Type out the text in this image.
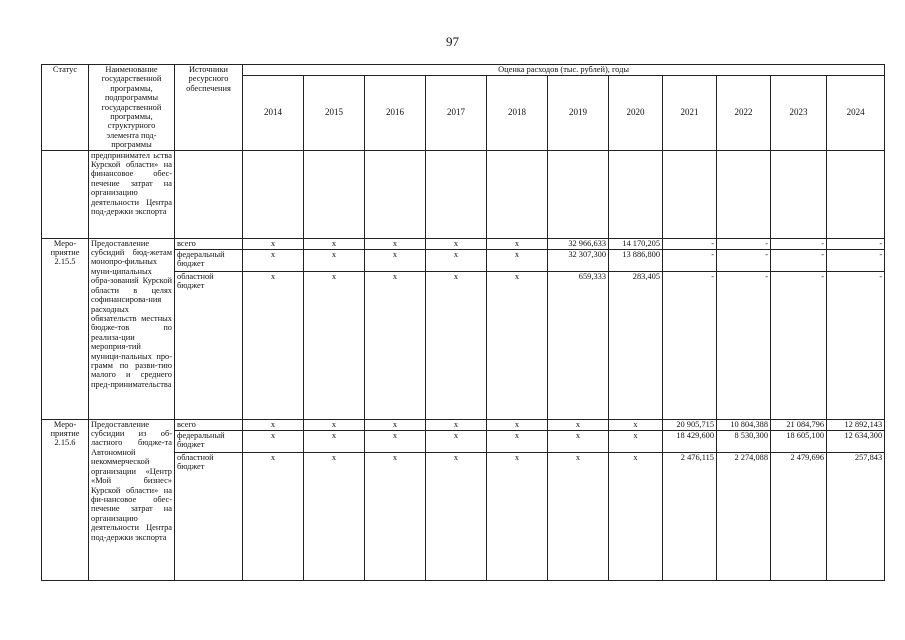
97
Статус	Наименование государственной программы, подпрограммы государственной программы, структурного элемента под-программы	Источники ресурсного обеспечения	Оценка расходов (тыс. рублей), годы										
			2014	2015	2016	2017	2018	2019	2020	2021	2022	2023	2024
	предпринимател ьства Курской области» на финансовое обес-печение затрат на организацию деятельности Центра под-держки экспорта												
Меро-приятие 2.15.5	Предоставление субсидий бюд-жетам монопро-фильных муни-ципальных обра-зований Курской области в целях софинансирова-ния расходных обязательств местных бюдже-тов по реализа-ции мероприя-тий муници-пальных про-грамм по разви-тию малого и среднего пред-принимательства	всего	х	х	х	х	х	32 966,633	14 170,205	-	-	-	-
		федеральный бюджет	х	х	х	х	х	32 307,300	13 886,800	-	-	-	-
		областной бюджет	х	х	х	х	х	659,333	283,405	-	-	-	-
Меро-приятие 2.15.6	Предоставление субсидии из об-ластного бюдже-та Автономной некоммерческой организации «Центр «Мой бизнес» Курской области» на фи-нансовое обес-печение затрат на организацию деятельности Центра под-держки экспорта	всего	х	х	х	х	х	х	х	20 905,715	10 804,388	21 084,796	12 892,143
		федеральный бюджет	х	х	х	х	х	х	х	18 429,600	8 530,300	18 605,100	12 634,300
		областной бюджет	х	х	х	х	х	х	х	2 476,115	2 274,088	2 479,696	257,843
